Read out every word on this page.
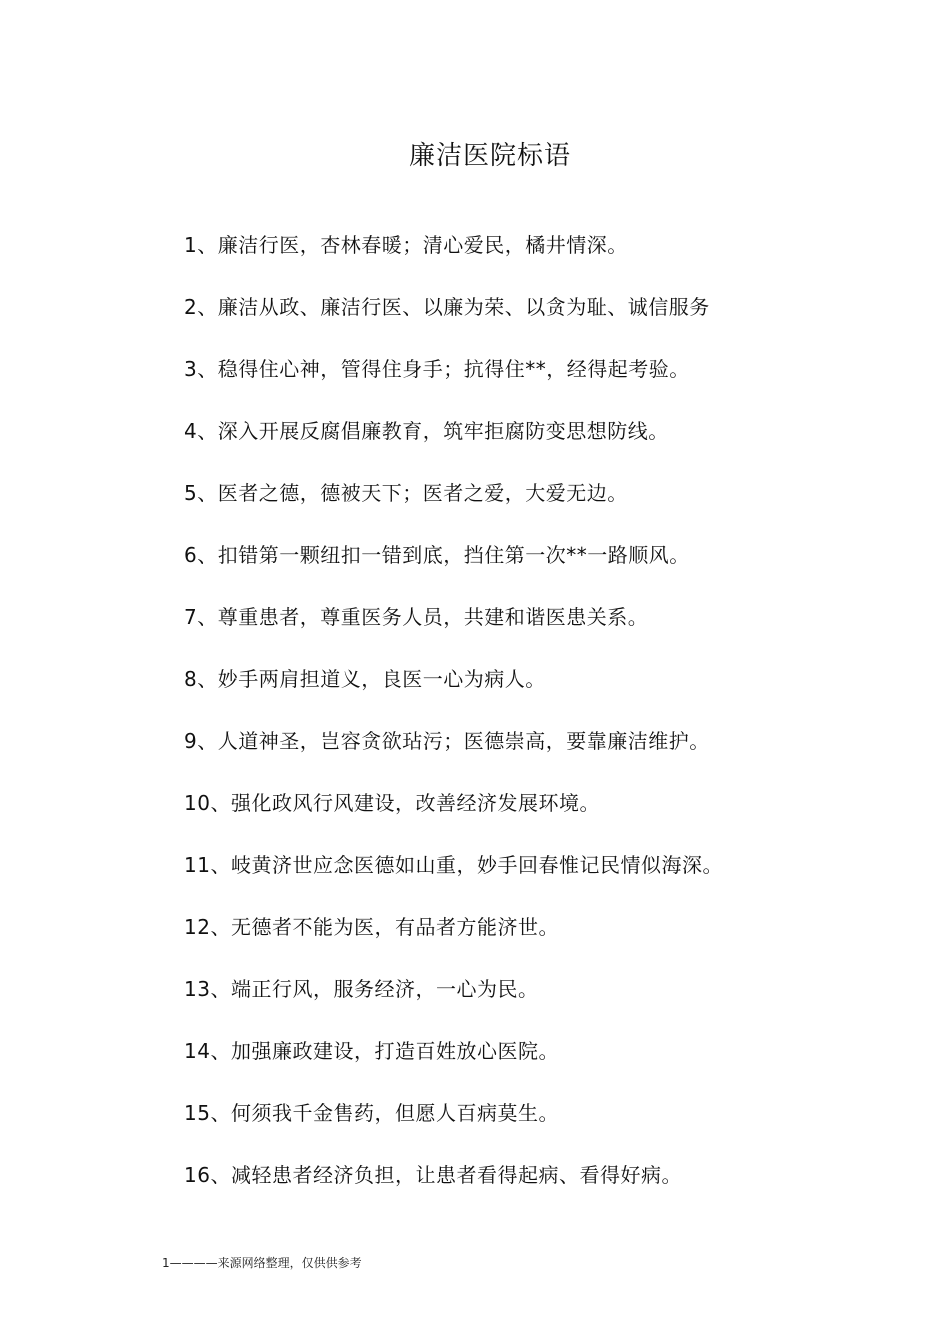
廉洁医院标语
1、廉洁行医，杏林春暖；清心爱民，橘井情深。
2、廉洁从政、廉洁行医、以廉为荣、以贪为耻、诚信服务
3、稳得住心神，管得住身手；抗得住**，经得起考验。
4、深入开展反腐倡廉教育，筑牢拒腐防变思想防线。
5、医者之德，德被天下；医者之爱，大爱无边。
6、扣错第一颗纽扣一错到底，挡住第一次**一路顺风。
7、尊重患者，尊重医务人员，共建和谐医患关系。
8、妙手两肩担道义，良医一心为病人。
9、人道神圣，岂容贪欲玷污；医德崇高，要靠廉洁维护。
10、强化政风行风建设，改善经济发展环境。
11、岐黄济世应念医德如山重，妙手回春惟记民情似海深。
12、无德者不能为医，有品者方能济世。
13、端正行风，服务经济，一心为民。
14、加强廉政建设，打造百姓放心医院。
15、何须我千金售药，但愿人百病莫生。
16、减轻患者经济负担，让患者看得起病、看得好病。
1————来源网络整理，仅供供参考
